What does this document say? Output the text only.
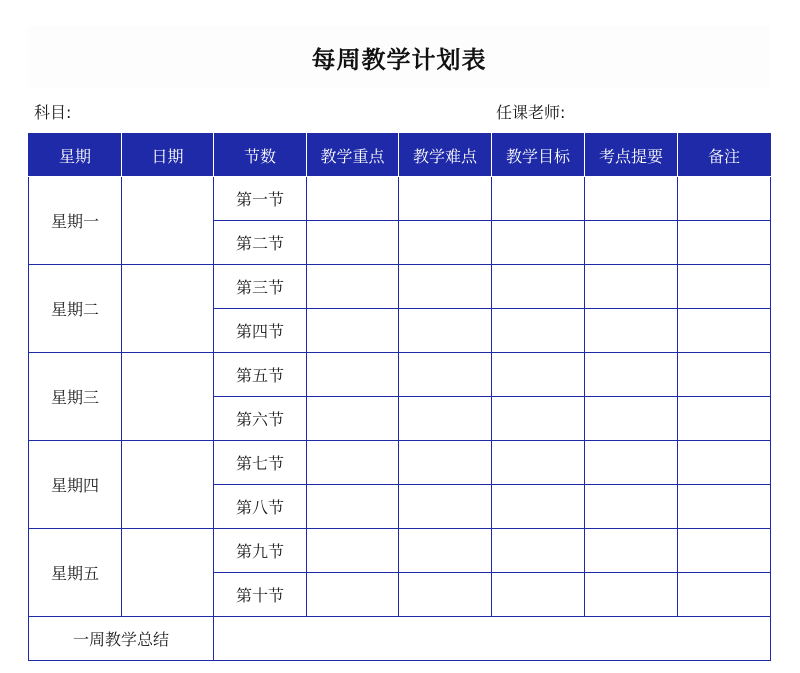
每周教学计划表
科目:	任课老师:
星期	日期	节数	教学重点	教学难点	教学目标	考点提要	备注
星期一		第一节					
		第二节					
星期二		第三节					
		第四节					
星期三		第五节					
		第六节					
星期四		第七节					
		第八节					
星期五		第九节					
		第十节					
一周教学总结							
